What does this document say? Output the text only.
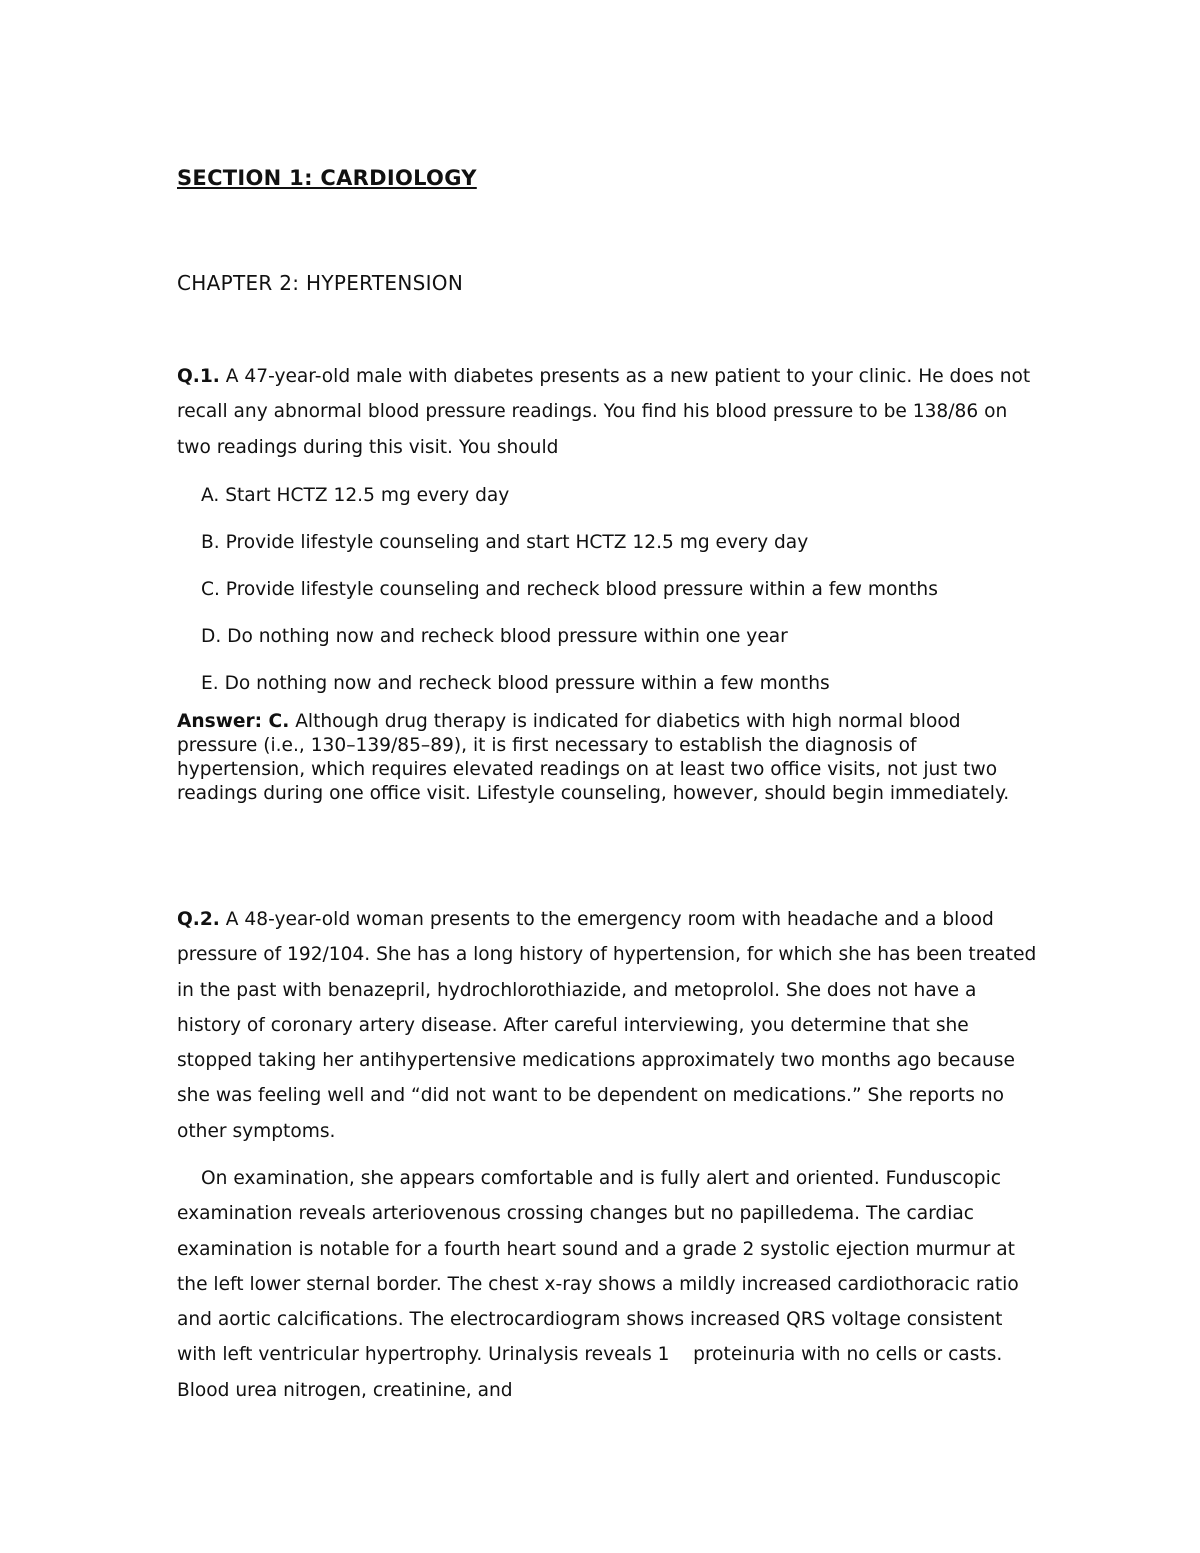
SECTION 1: CARDIOLOGY
CHAPTER 2: HYPERTENSION

Q.1. A 47-year-old male with diabetes presents as a new patient to your clinic. He does not recall any abnormal blood pressure readings. You find his blood pressure to be 138/86 on two readings during this visit. You should

A. Start HCTZ 12.5 mg every day
B. Provide lifestyle counseling and start HCTZ 12.5 mg every day
C. Provide lifestyle counseling and recheck blood pressure within a few months
D. Do nothing now and recheck blood pressure within one year
E. Do nothing now and recheck blood pressure within a few months

Answer: C. Although drug therapy is indicated for diabetics with high normal blood pressure (i.e., 130–139/85–89), it is first necessary to establish the diagnosis of hypertension, which requires elevated readings on at least two office visits, not just two readings during one office visit. Lifestyle counseling, however, should begin immediately.

Q.2. A 48-year-old woman presents to the emergency room with headache and a blood pressure of 192/104. She has a long history of hypertension, for which she has been treated in the past with benazepril, hydrochlorothiazide, and metoprolol. She does not have a history of coronary artery disease. After careful interviewing, you determine that she stopped taking her antihypertensive medications approximately two months ago because she was feeling well and “did not want to be dependent on medications.” She reports no other symptoms.

On examination, she appears comfortable and is fully alert and oriented. Funduscopic examination reveals arteriovenous crossing changes but no papilledema. The cardiac examination is notable for a fourth heart sound and a grade 2 systolic ejection murmur at the left lower sternal border. The chest x-ray shows a mildly increased cardiothoracic ratio and aortic calcifications. The electrocardiogram shows increased QRS voltage consistent with left ventricular hypertrophy. Urinalysis reveals 1    proteinuria with no cells or casts. Blood urea nitrogen, creatinine, and
